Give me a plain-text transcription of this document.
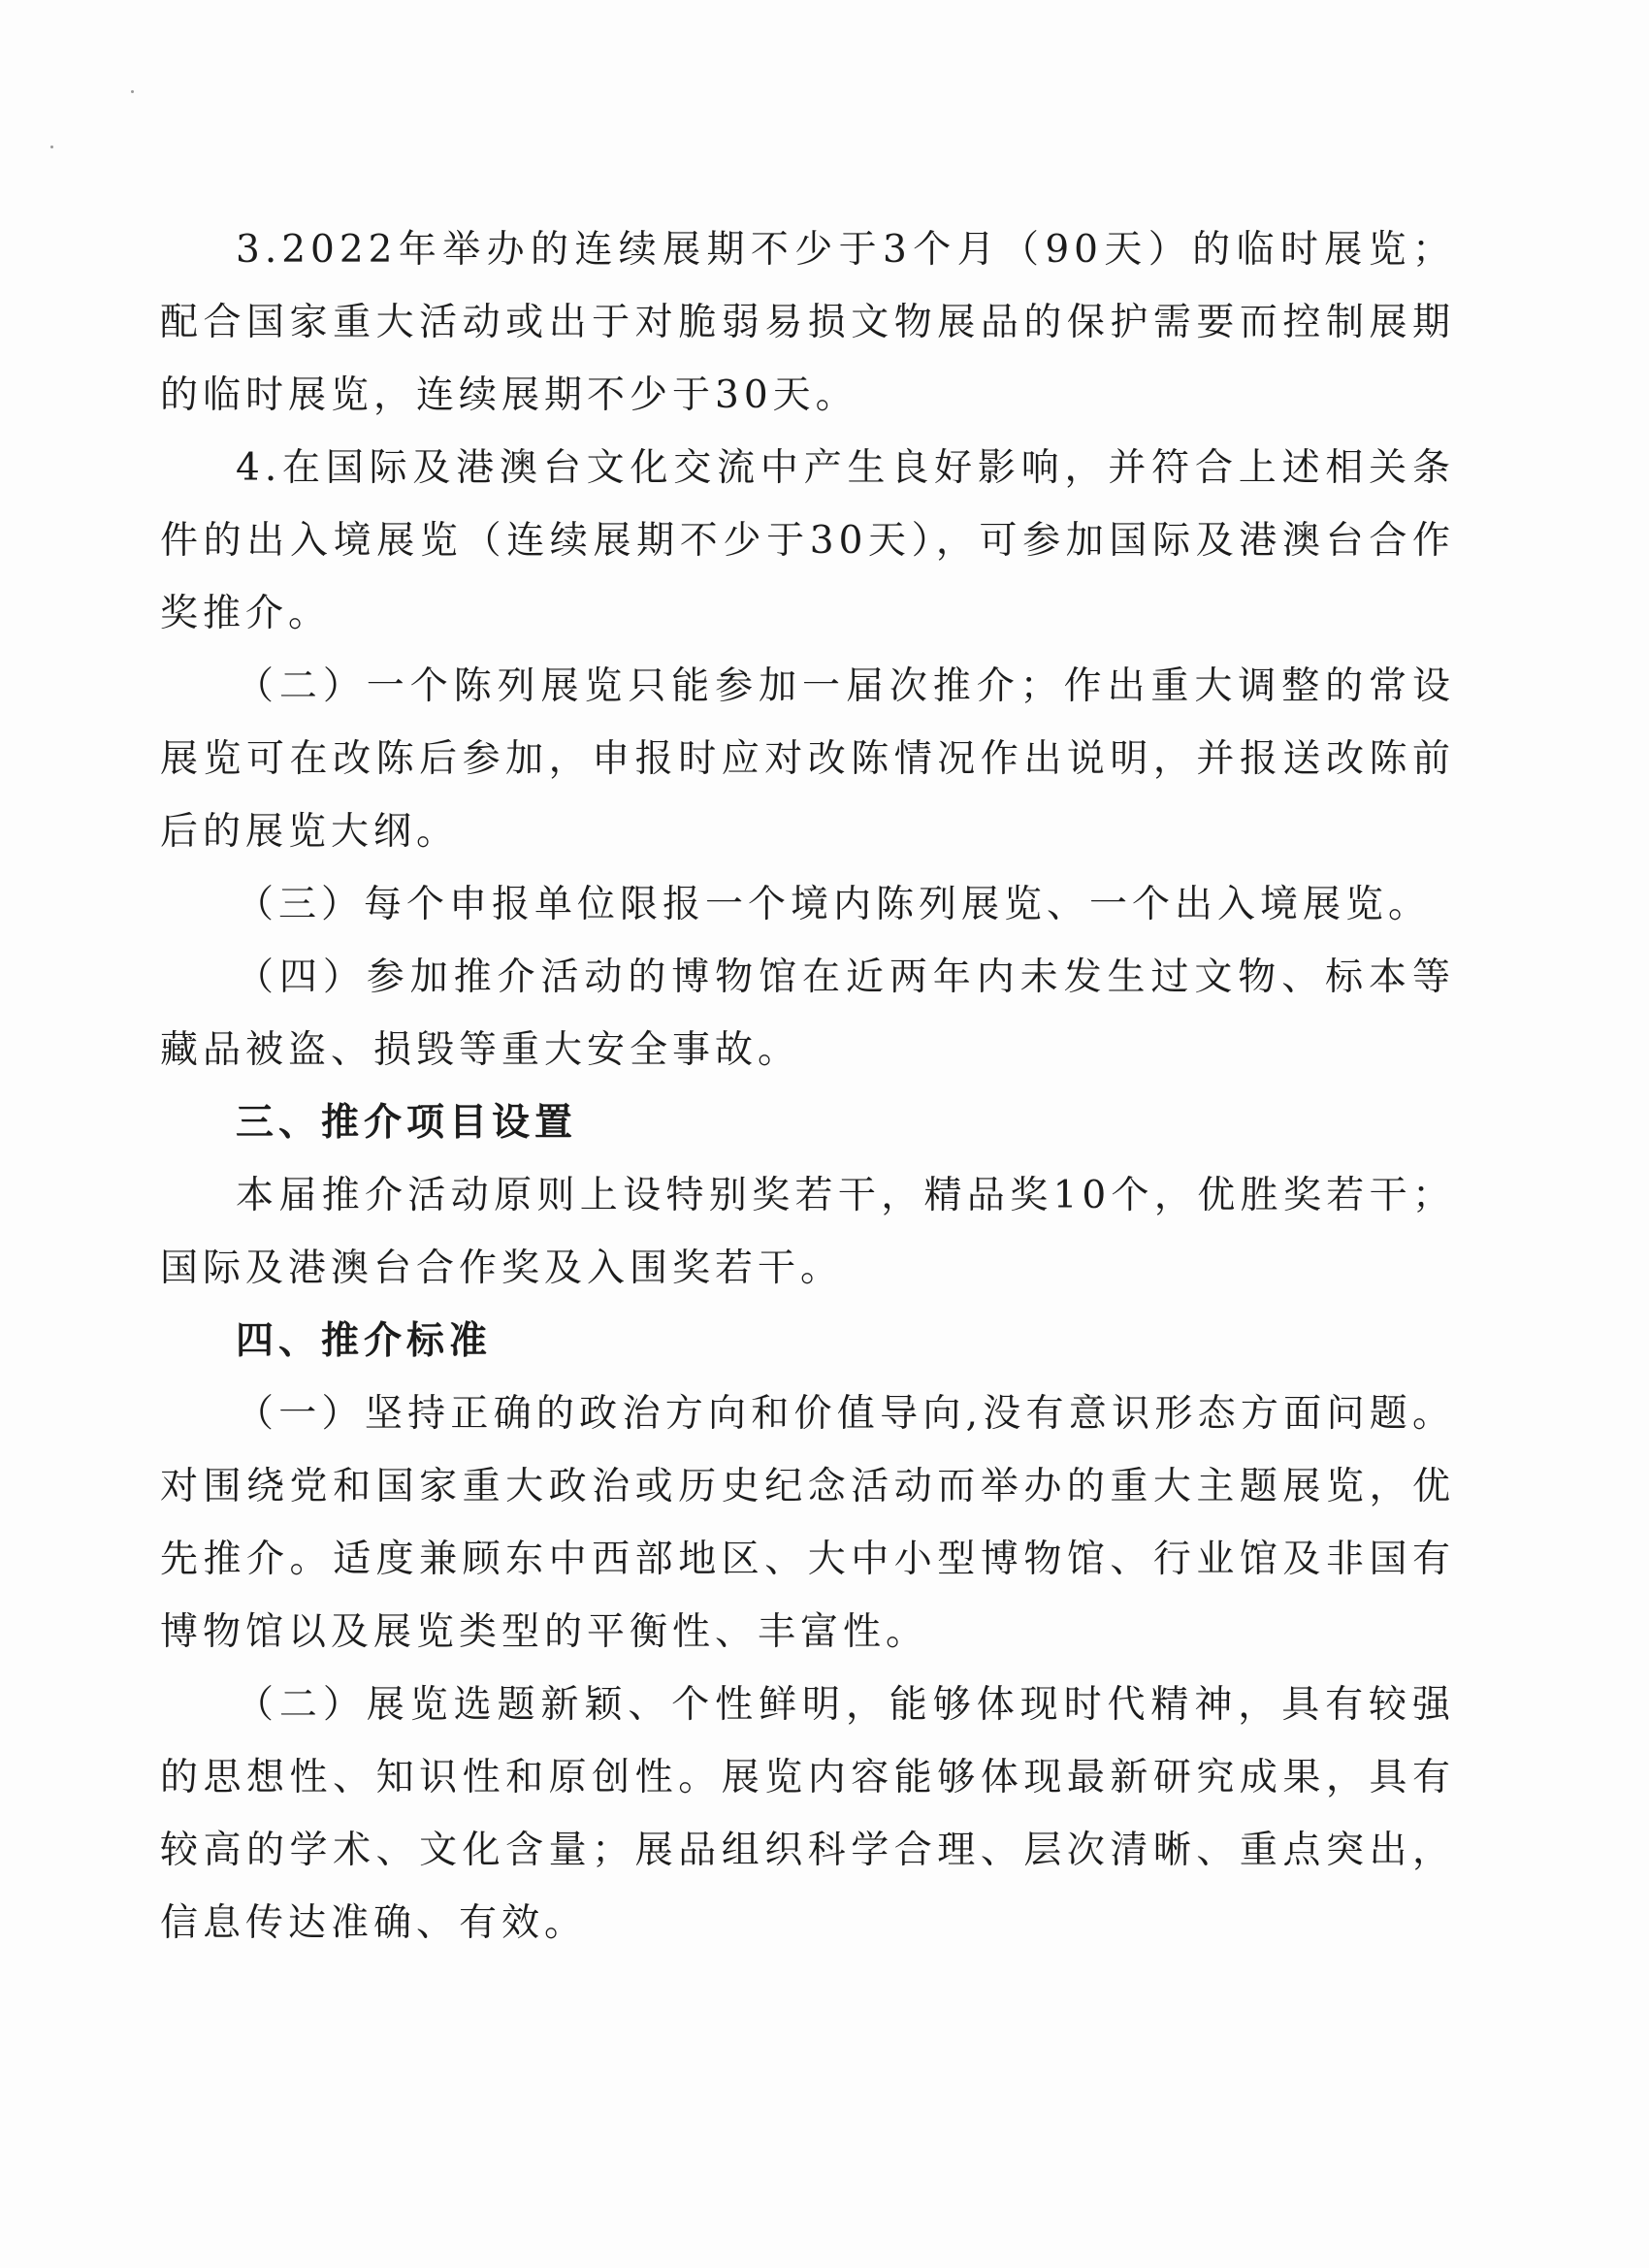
3.2022年举办的连续展期不少于3个月（90天）的临时展览；配合国家重大活动或出于对脆弱易损文物展品的保护需要而控制展期的临时展览，连续展期不少于30天。

4.在国际及港澳台文化交流中产生良好影响，并符合上述相关条件的出入境展览（连续展期不少于30天），可参加国际及港澳台合作奖推介。

（二）一个陈列展览只能参加一届次推介；作出重大调整的常设展览可在改陈后参加，申报时应对改陈情况作出说明，并报送改陈前后的展览大纲。

（三）每个申报单位限报一个境内陈列展览、一个出入境展览。

（四）参加推介活动的博物馆在近两年内未发生过文物、标本等藏品被盗、损毁等重大安全事故。

三、推介项目设置

本届推介活动原则上设特别奖若干，精品奖10个，优胜奖若干；国际及港澳台合作奖及入围奖若干。

四、推介标准

（一）坚持正确的政治方向和价值导向,没有意识形态方面问题。对围绕党和国家重大政治或历史纪念活动而举办的重大主题展览，优先推介。适度兼顾东中西部地区、大中小型博物馆、行业馆及非国有博物馆以及展览类型的平衡性、丰富性。

（二）展览选题新颖、个性鲜明，能够体现时代精神，具有较强的思想性、知识性和原创性。展览内容能够体现最新研究成果，具有较高的学术、文化含量；展品组织科学合理、层次清晰、重点突出，信息传达准确、有效。
